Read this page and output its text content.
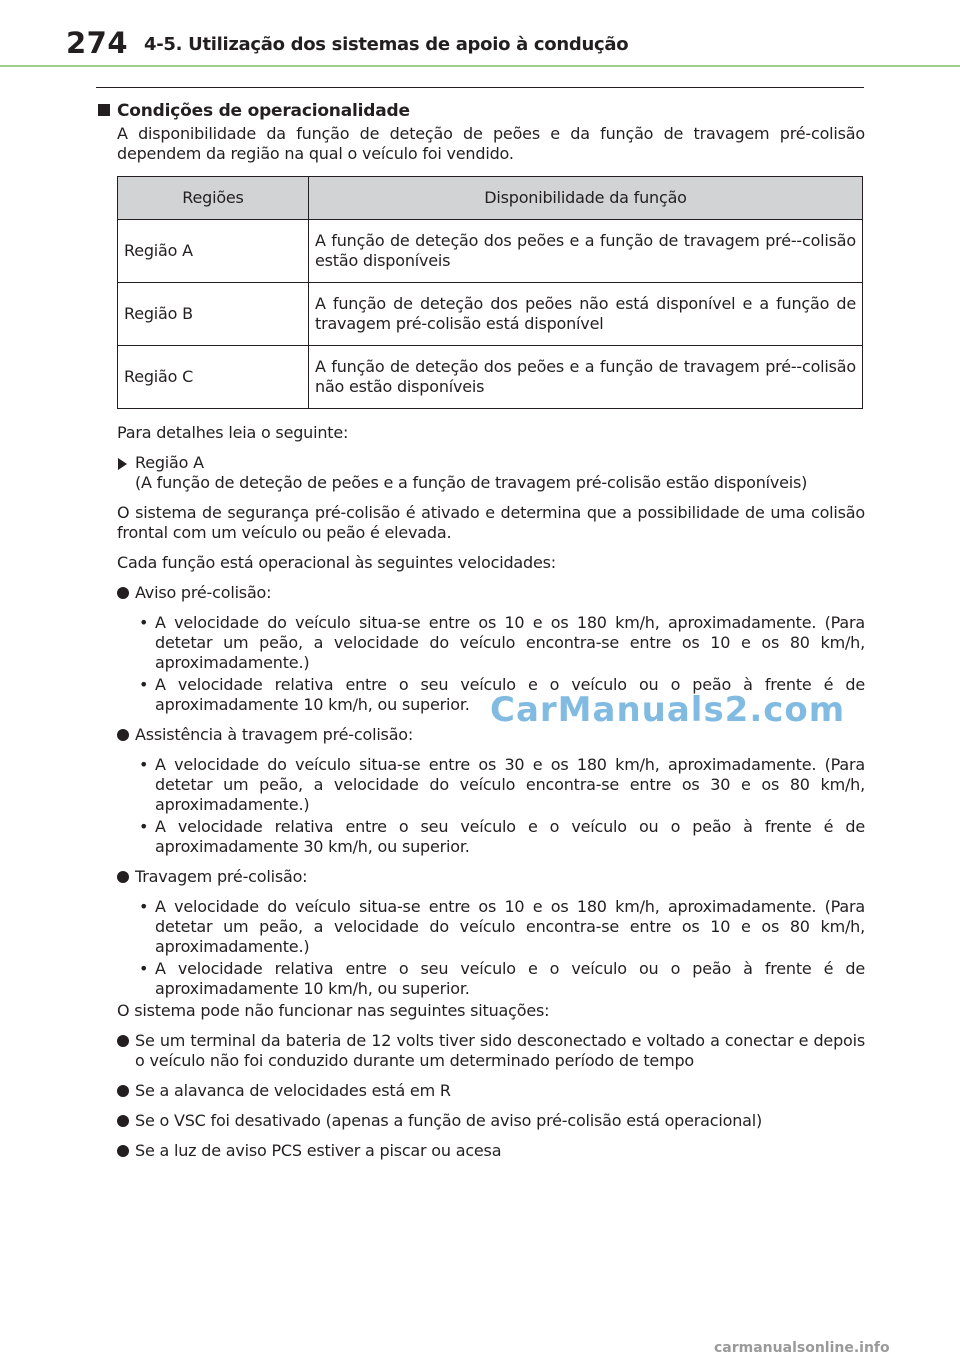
274 4-5. Utilização dos sistemas de apoio à condução
Condições de operacionalidade

A disponibilidade da função de deteção de peões e da função de travagem pré-colisão dependem da região na qual o veículo foi vendido.

Regiões	Disponibilidade da função
Região A	A função de deteção dos peões e a função de travagem pré--colisão estão disponíveis
Região B	A função de deteção dos peões não está disponível e a função de travagem pré-colisão está disponível
Região C	A função de deteção dos peões e a função de travagem pré--colisão não estão disponíveis

Para detalhes leia o seguinte:

Região A
(A função de deteção de peões e a função de travagem pré-colisão estão disponíveis)

O sistema de segurança pré-colisão é ativado e determina que a possibilidade de uma colisão frontal com um veículo ou peão é elevada.

Cada função está operacional às seguintes velocidades:

Aviso pré-colisão:
• A velocidade do veículo situa-se entre os 10 e os 180 km/h, aproximadamente. (Para detetar um peão, a velocidade do veículo encontra-se entre os 10 e os 80 km/h, aproximadamente.)
• A velocidade relativa entre o seu veículo e o veículo ou o peão à frente é de aproximadamente 10 km/h, ou superior.
Assistência à travagem pré-colisão:
• A velocidade do veículo situa-se entre os 30 e os 180 km/h, aproximadamente. (Para detetar um peão, a velocidade do veículo encontra-se entre os 30 e os 80 km/h, aproximadamente.)
• A velocidade relativa entre o seu veículo e o veículo ou o peão à frente é de aproximadamente 30 km/h, ou superior.
Travagem pré-colisão:
• A velocidade do veículo situa-se entre os 10 e os 180 km/h, aproximadamente. (Para detetar um peão, a velocidade do veículo encontra-se entre os 10 e os 80 km/h, aproximadamente.)
• A velocidade relativa entre o seu veículo e o veículo ou o peão à frente é de aproximadamente 10 km/h, ou superior.

O sistema pode não funcionar nas seguintes situações:

Se um terminal da bateria de 12 volts tiver sido desconectado e voltado a conectar e depois o veículo não foi conduzido durante um determinado período de tempo
Se a alavanca de velocidades está em R
Se o VSC foi desativado (apenas a função de aviso pré-colisão está operacional)
Se a luz de aviso PCS estiver a piscar ou acesa
CarManuals2.com
carmanualsonline.info
